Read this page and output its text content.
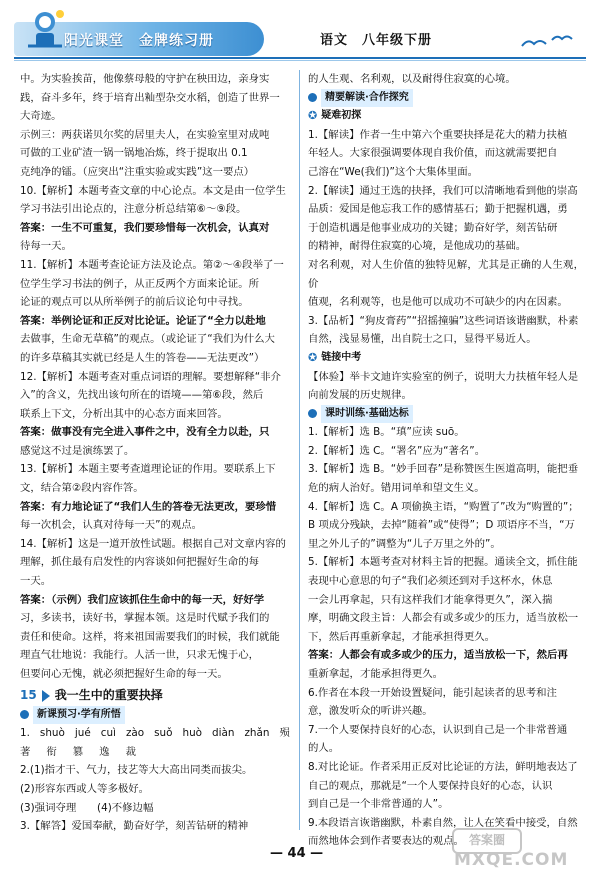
阳光课堂　金牌练习册	语文　八年级下册

中。为实验挨苗，他像蔡母般的守护在秧田边，亲身实

践，奋斗多年，终于培育出籼型杂交水稻，创造了世界一

大奇迹。

示例三：两获诺贝尔奖的居里夫人，在实验室里对成吨

可做的工业矿渣一锅一锅地冶炼，终于提取出 0.1

克纯净的镭。（应突出“注重实验或实践”这一要点）

10.【解析】本题考查文章的中心论点。本文是由一位学生

学习书法引出论点的，注意分析总结第⑥～⑨段。

答案：一生不可重复，我们要珍惜每一次机会，认真对

待每一天。

11.【解析】本题考查论证方法及论点。第②～④段举了一

位学生学习书法的例子，从正反两个方面来论证。所

论证的观点可以从所举例子的前后议论句中寻找。

答案：举例论证和正反对比论证。论证了“全力以赴地

去做事，生命无草稿”的观点。（或论证了“我们为什么大

的许多草稿其实就已经是人生的答卷——无法更改”）

12.【解析】本题考查对重点词语的理解。要想解释“非介

入”的含义，先找出该句所在的语境——第⑥段，然后

联系上下文，分析出其中的心态方面来回答。

答案：做事没有完全进入事件之中，没有全力以赴，只

感觉这不过是演练罢了。

13.【解析】本题主要考查道理论证的作用。要联系上下

文，结合第②段内容作答。

答案：有力地论证了“我们人生的答卷无法更改，要珍惜

每一次机会，认真对待每一天”的观点。

14.【解析】这是一道开放性试题。根据自己对文章内容的

理解，抓住最有启发性的内容谈如何把握好生命的每

一天。

答案：（示例）我们应该抓住生命中的每一天，好好学

习，多读书，读好书，掌握本领。这是时代赋予我们的

责任和使命。这样，将来祖国需要我们的时候，我们就能

理直气壮地说：我能行。人活一世，只求无愧于心，

但要问心无愧，就必须把握好生命的每一天。

15 我一生中的重要抉择
新课预习·学有所悟
1. shuò jué cuì zào suǒ huò diàn zhǎn 殒
著 衔 篡 逸 裁

2.(1)指才干、气力，技艺等大大高出同类而拔尖。

(2)形容东西或人等多极好。

(3)强词夺理　　(4)不修边幅

3.【解答】爱国奉献，勤奋好学，刻苦钻研的精神

的人生观、名利观，以及耐得住寂寞的心境。

精要解读·合作探究
✪ 疑难初探

1.【解读】作者一生中第六个重要抉择是花大的精力扶植

年轻人。大家很强调要体现自我价值，而这就需要把自

己溶在“We(我们)”这个大集体里面。

2.【解读】通过王选的抉择，我们可以清晰地看到他的崇高

品质：爱国是他忘我工作的感情基石；勤于把握机遇，勇

于创造机遇是他事业成功的关键；勤奋好学，刻苦钻研

的精神，耐得住寂寞的心境，是他成功的基础。

对名利观，对人生价值的独特见解，尤其是正确的人生观，价

值观，名利观等，也是他可以成功不可缺少的内在因素。

3.【品析】“狗皮膏药”“招摇撞骗”这些词语该谐幽默，朴素

自然，浅显易懂，出自院士之口，显得平易近人。

✪ 链接中考

【体验】举卡文迪许实验室的例子，说明大力扶植年轻人是

向前发展的历史规律。

课时训练·基础达标

1.【解析】选 B。“瑱”应读 suō。

2.【解析】选 C。“署名”应为“著名”。

3.【解析】选 B。“妙手回春”是称赞医生医道高明，能把垂

危的病人治好。错用词单和望文生义。

4.【解析】选 C。A 项偷换主语，“购置了”改为“购置的”；

B 项成分残缺，去掉“随着”或“使得”；D 项语序不当，“万

里之外儿子的”调整为“儿子万里之外的”。

5.【解析】本题考查对材料主旨的把握。通读全文，抓住能

表现中心意思的句子“我们必须还到对手这杯水，休息

一会儿再拿起，只有这样我们才能拿得更久”，深入揣

摩，明确文段主旨：人都会有或多或少的压力，适当放松一

下，然后再重新拿起，才能承担得更久。

答案：人都会有或多或少的压力，适当放松一下，然后再

重新拿起，才能承担得更久。

6.作者在本段一开始设置疑问，能引起读者的思考和注

意，激发听众的听讲兴趣。

7.一个人要保持良好的心态，认识到自己是一个非常普通

的人。

8.对比论证。作者采用正反对比论证的方法，鲜明地表达了

自己的观点，那就是“一个人要保持良好的心态，认识

到自己是一个非常普通的人”。

9.本段语言诙谐幽默，朴素自然，让人在笑看中接受，自然

而然地体会到作者要表达的观点。

— 44 —
答案圈
MXQE.COM
